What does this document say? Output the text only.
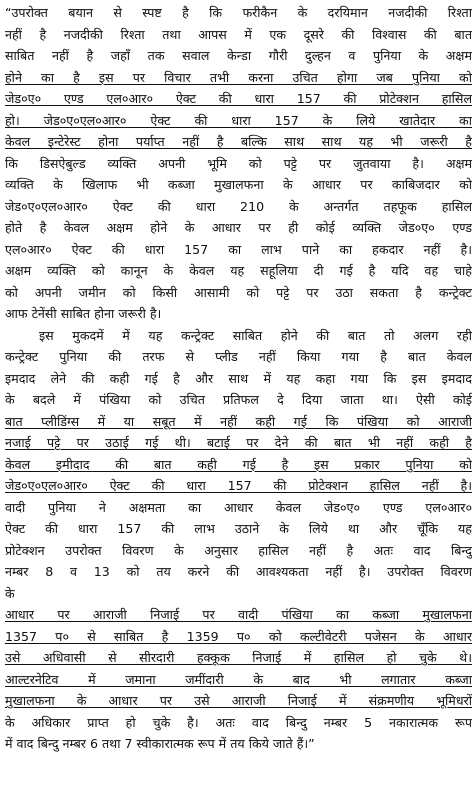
“उपरोक्त बयान से स्पष्ट है कि फरीकैन के दरयिमान नजदीकी रिश्ता
नहीं है नजदीकी रिश्ता तथा आपस में एक दूसरे की विश्वास की बात
साबित नहीं है जहाँ तक सवाल केन्डा गौरी दुल्हन व पुनिया के अक्षम
होने का है इस पर विचार तभी करना उचित होगा जब पुनिया को
जेड०ए० एण्ड एल०आर० ऐक्ट की धारा 157 की प्रोटेक्शन हासिल
हो। जेड०ए०एल०आर० ऐक्ट की धारा 157 के लिये खातेदार का
केवल इन्टेरेस्ट होना पर्याप्त नहीं है बल्कि साथ साथ यह भी जरूरी है
कि डिसऐबुल्ड व्यक्ति अपनी भूमि को पट्टे पर जुतवाया है। अक्षम
व्यक्ति के खिलाफ भी कब्जा मुखालफना के आधार पर काबिजदार को
जेड०ए०एल०आर० ऐक्ट की धारा 210 के अन्तर्गत तहफूक हासिल
होते है केवल अक्षम होने के आधार पर ही कोई व्यक्ति जेड०ए० एण्ड
एल०आर० ऐक्ट की धारा 157 का लाभ पाने का हकदार नहीं है।
अक्षम व्यक्ति को कानून के केवल यह सहूलिया दी गई है यदि वह चाहे
को अपनी जमीन को किसी आसामी को पट्टे पर उठा सकता है कन्ट्रेक्ट
आफ टेनेंसी साबित होना जरूरी है।
इस मुकदमें में यह कन्ट्रेक्ट साबित होने की बात तो अलग रही
कन्ट्रेक्ट पुनिया की तरफ से प्लीड नहीं किया गया है बात केवल
इमदाद लेने की कही गई है और साथ में यह कहा गया कि इस इमदाद
के बदले में पंखिया को उचित प्रतिफल दे दिया जाता था। ऐसी कोई
बात प्लीडिंग्स में या सबूत में नहीं कही गई कि पंखिया को आराजी
नजाई पट्टे पर उठाई गई थी। बटाई पर देने की बात भी नहीं कही है
केवल इमीदाद की बात कही गई है इस प्रकार पुनिया को
जेड०ए०एल०आर० ऐक्ट की धारा 157 की प्रोटेक्शन हासिल नहीं है।
वादी पुनिया ने अक्षमता का आधार केवल जेड०ए० एण्ड एल०आर०
ऐक्ट की धारा 157 की लाभ उठाने के लिये था और चूँकि यह
प्रोटेक्शन उपरोक्त विवरण के अनुसार हासिल नहीं है अतः वाद बिन्दु
नम्बर 8 व 13 को तय करने की आवश्यकता नहीं है। उपरोक्त विवरण
के
आधार पर आराजी निजाई पर वादी पंखिया का कब्जा मुखालफना
1357 प० से साबित है 1359 प० को कल्टीवेटरी पजेसन के आधार
उसे अधिवासी से सीरदारी हक्कूक निजाई में हासिल हो चुके थे।
आल्टरनेटिव में जमाना जमींदारी के बाद भी लगातार कब्जा
मुखालफना के आधार पर उसे आराजी निजाई में संक्रमणीय भूमिधरों
के अधिकार प्राप्त हो चुके है। अतः वाद बिन्दु नम्बर 5 नकारात्मक रूप
में वाद बिन्दु नम्बर 6 तथा 7 स्वीकारात्मक रूप में तय किये जाते हैं।”
